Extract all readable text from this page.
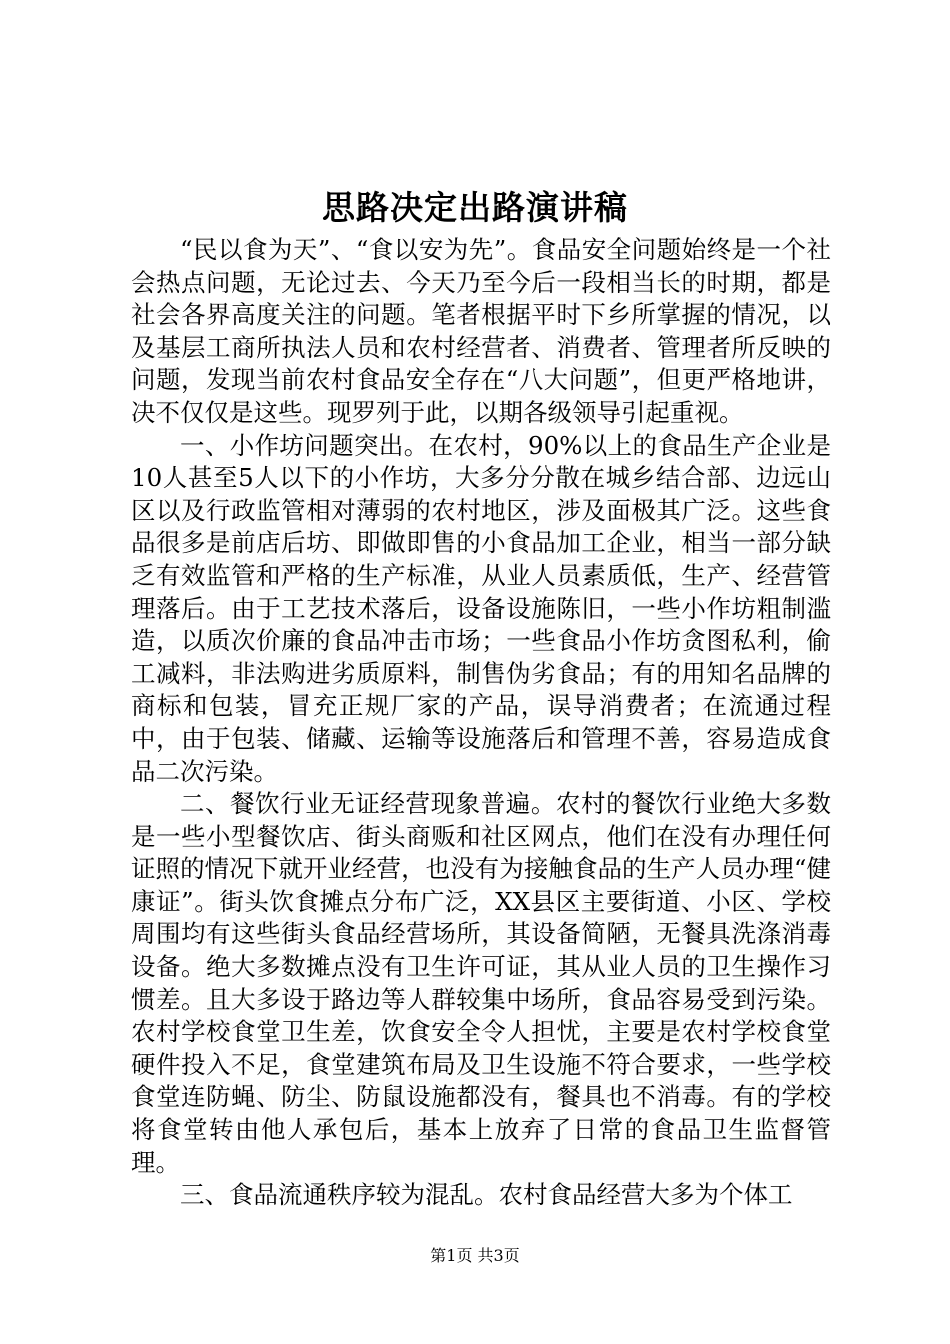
思路决定出路演讲稿

“民以食为天”、“食以安为先”。食品安全问题始终是一个社会热点问题，无论过去、今天乃至今后一段相当长的时期，都是社会各界高度关注的问题。笔者根据平时下乡所掌握的情况，以及基层工商所执法人员和农村经营者、消费者、管理者所反映的问题，发现当前农村食品安全存在“八大问题”，但更严格地讲，决不仅仅是这些。现罗列于此，以期各级领导引起重视。

一、小作坊问题突出。在农村，90%以上的食品生产企业是10人甚至5人以下的小作坊，大多分分散在城乡结合部、边远山区以及行政监管相对薄弱的农村地区，涉及面极其广泛。这些食品很多是前店后坊、即做即售的小食品加工企业，相当一部分缺乏有效监管和严格的生产标准，从业人员素质低，生产、经营管理落后。由于工艺技术落后，设备设施陈旧，一些小作坊粗制滥造，以质次价廉的食品冲击市场；一些食品小作坊贪图私利，偷工减料，非法购进劣质原料，制售伪劣食品；有的用知名品牌的商标和包装，冒充正规厂家的产品，误导消费者；在流通过程中，由于包装、储藏、运输等设施落后和管理不善，容易造成食品二次污染。

二、餐饮行业无证经营现象普遍。农村的餐饮行业绝大多数是一些小型餐饮店、街头商贩和社区网点，他们在没有办理任何证照的情况下就开业经营，也没有为接触食品的生产人员办理“健康证”。街头饮食摊点分布广泛，XX县区主要街道、小区、学校周围均有这些街头食品经营场所，其设备简陋，无餐具洗涤消毒设备。绝大多数摊点没有卫生许可证，其从业人员的卫生操作习惯差。且大多设于路边等人群较集中场所，食品容易受到污染。农村学校食堂卫生差，饮食安全令人担忧，主要是农村学校食堂硬件投入不足，食堂建筑布局及卫生设施不符合要求，一些学校食堂连防蝇、防尘、防鼠设施都没有，餐具也不消毒。有的学校将食堂转由他人承包后，基本上放弃了日常的食品卫生监督管理。

三、食品流通秩序较为混乱。农村食品经营大多为个体工

第1页 共3页
